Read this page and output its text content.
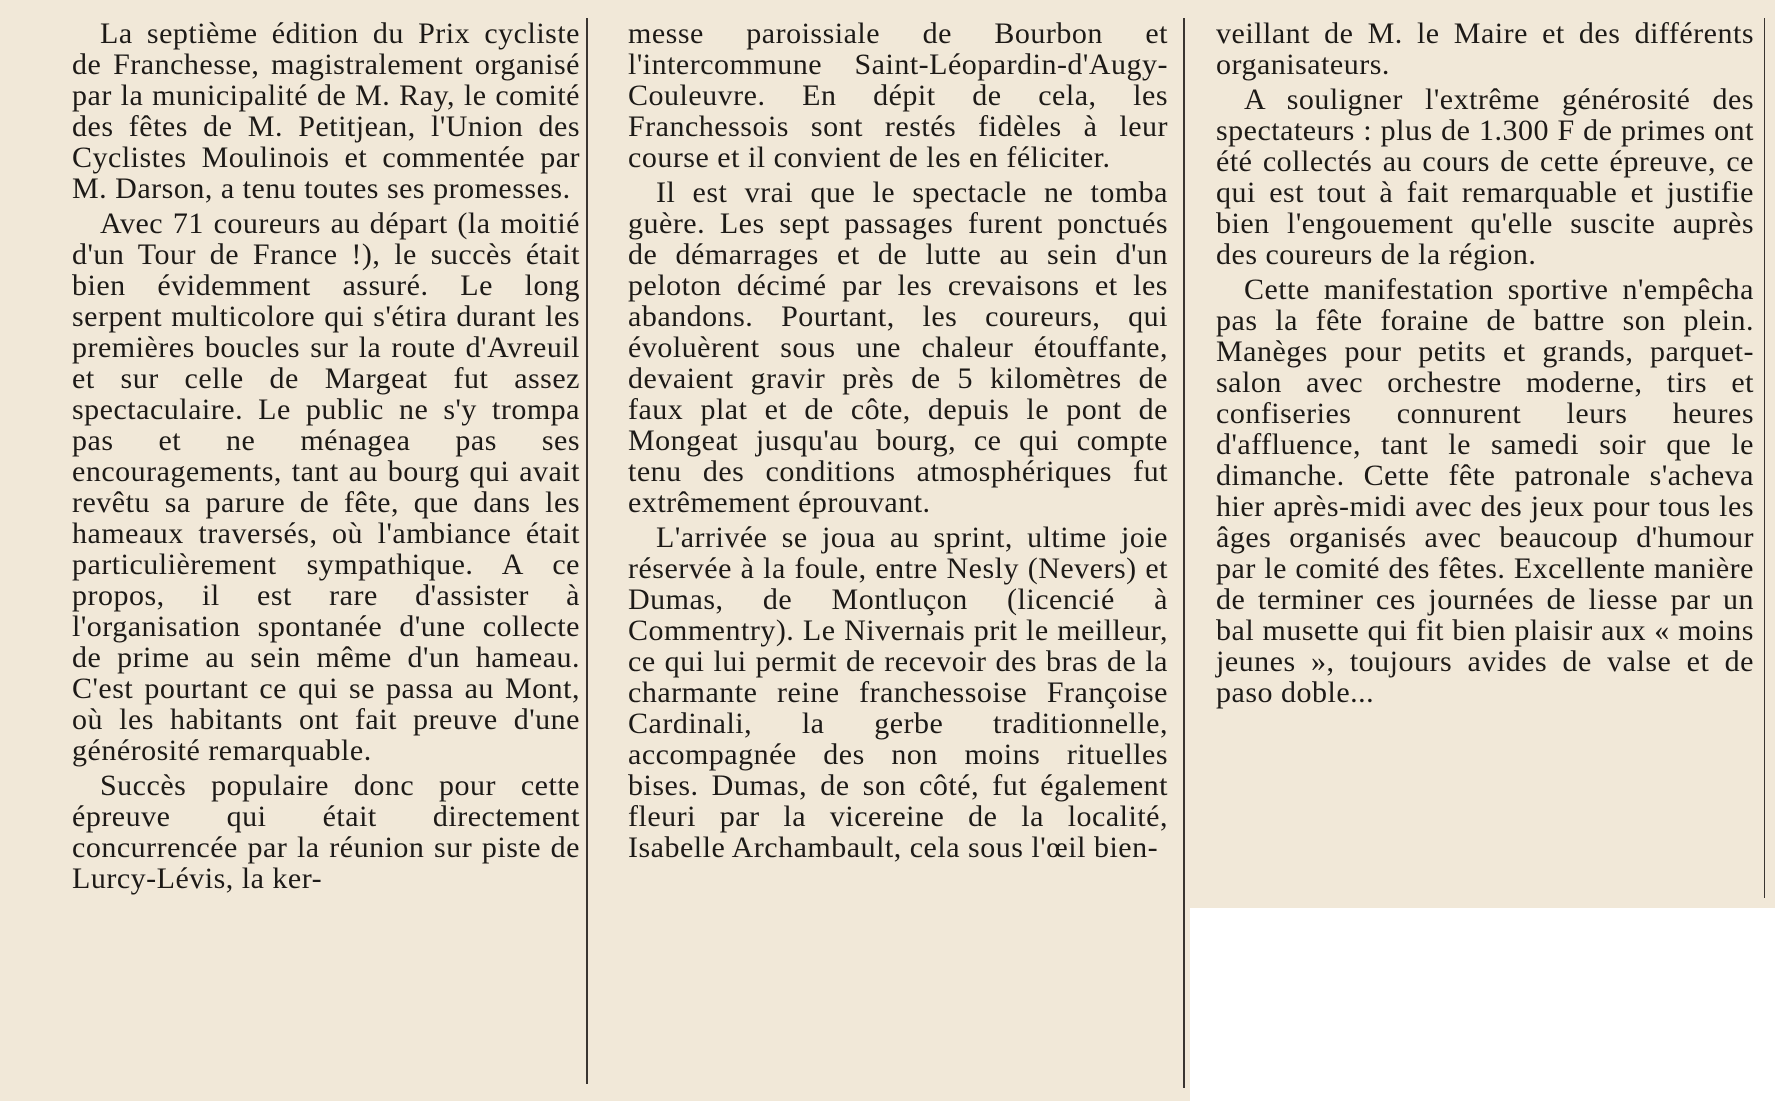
La septième édition du Prix cycliste de Franchesse, magistralement organisé par la municipalité de M. Ray, le comité des fêtes de M. Petitjean, l'Union des Cyclistes Moulinois et commentée par M. Darson, a tenu toutes ses promesses.

Avec 71 coureurs au départ (la moitié d'un Tour de France !), le succès était bien évidemment assuré. Le long serpent multicolore qui s'étira durant les premières boucles sur la route d'Avreuil et sur celle de Margeat fut assez spectaculaire. Le public ne s'y trompa pas et ne ménagea pas ses encouragements, tant au bourg qui avait revêtu sa parure de fête, que dans les hameaux traversés, où l'ambiance était particulièrement sympathique. A ce propos, il est rare d'assister à l'organisation spontanée d'une collecte de prime au sein même d'un hameau. C'est pourtant ce qui se passa au Mont, où les habitants ont fait preuve d'une générosité remarquable.

Succès populaire donc pour cette épreuve qui était directement concurrencée par la réunion sur piste de Lurcy-Lévis, la ker-

messe paroissiale de Bourbon et l'intercommune Saint-Léopardin-d'Augy-Couleuvre. En dépit de cela, les Franchessois sont restés fidèles à leur course et il convient de les en féliciter.

Il est vrai que le spectacle ne tomba guère. Les sept passages furent ponctués de démarrages et de lutte au sein d'un peloton décimé par les crevaisons et les abandons. Pourtant, les coureurs, qui évoluèrent sous une chaleur étouffante, devaient gravir près de 5 kilomètres de faux plat et de côte, depuis le pont de Mongeat jusqu'au bourg, ce qui compte tenu des conditions atmosphériques fut extrêmement éprouvant.

L'arrivée se joua au sprint, ultime joie réservée à la foule, entre Nesly (Nevers) et Dumas, de Montluçon (licencié à Commentry). Le Nivernais prit le meilleur, ce qui lui permit de recevoir des bras de la charmante reine franchessoise Françoise Cardinali, la gerbe traditionnelle, accompagnée des non moins rituelles bises. Dumas, de son côté, fut également fleuri par la vicereine de la localité, Isabelle Archambault, cela sous l'œil bien-

veillant de M. le Maire et des différents organisateurs.

A souligner l'extrême générosité des spectateurs : plus de 1.300 F de primes ont été collectés au cours de cette épreuve, ce qui est tout à fait remarquable et justifie bien l'engouement qu'elle suscite auprès des coureurs de la région.

Cette manifestation sportive n'empêcha pas la fête foraine de battre son plein. Manèges pour petits et grands, parquet-salon avec orchestre moderne, tirs et confiseries connurent leurs heures d'affluence, tant le samedi soir que le dimanche. Cette fête patronale s'acheva hier après-midi avec des jeux pour tous les âges organisés avec beaucoup d'humour par le comité des fêtes. Excellente manière de terminer ces journées de liesse par un bal musette qui fit bien plaisir aux « moins jeunes », toujours avides de valse et de paso doble...
